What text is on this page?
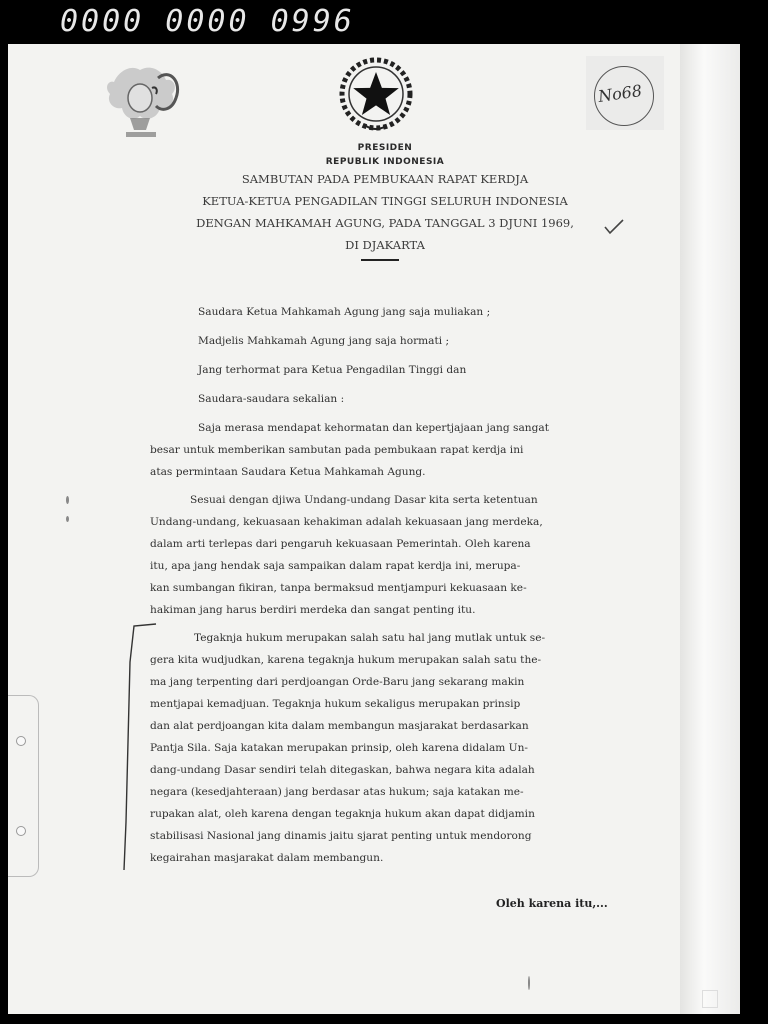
0000 0000 0996
No68
PRESIDEN
REPUBLIK INDONESIA
SAMBUTAN PADA PEMBUKAAN RAPAT KERDJA
KETUA-KETUA PENGADILAN TINGGI SELURUH INDONESIA
DENGAN MAHKAMAH AGUNG, PADA TANGGAL 3 DJUNI 1969,
DI DJAKARTA
Saudara Ketua Mahkamah Agung jang saja muliakan ;
Madjelis Mahkamah Agung jang saja hormati ;
Jang terhormat para Ketua Pengadilan Tinggi dan
Saudara-saudara sekalian :
Saja merasa mendapat kehormatan dan kepertjajaan jang sangat
besar untuk memberikan sambutan pada pembukaan rapat kerdja ini
atas permintaan Saudara Ketua Mahkamah Agung.
Sesuai dengan djiwa Undang-undang Dasar kita serta ketentuan
Undang-undang, kekuasaan kehakiman adalah kekuasaan jang merdeka,
dalam arti terlepas dari pengaruh kekuasaan Pemerintah. Oleh karena
itu, apa jang hendak saja sampaikan dalam rapat kerdja ini, merupa-
kan sumbangan fikiran, tanpa bermaksud mentjampuri kekuasaan ke-
hakiman jang harus berdiri merdeka dan sangat penting itu.
Tegaknja hukum merupakan salah satu hal jang mutlak untuk se-
gera kita wudjudkan, karena tegaknja hukum merupakan salah satu the-
ma jang terpenting dari perdjoangan Orde-Baru jang sekarang makin
mentjapai kemadjuan. Tegaknja hukum sekaligus merupakan prinsip
dan alat perdjoangan kita dalam membangun masjarakat berdasarkan
Pantja Sila. Saja katakan merupakan prinsip, oleh karena didalam Un-
dang-undang Dasar sendiri telah ditegaskan, bahwa negara kita adalah
negara (kesedjahteraan) jang berdasar atas hukum; saja katakan me-
rupakan alat, oleh karena dengan tegaknja hukum akan dapat didjamin
stabilisasi Nasional jang dinamis jaitu sjarat penting untuk mendorong
kegairahan masjarakat dalam membangun.
Oleh karena itu,...
